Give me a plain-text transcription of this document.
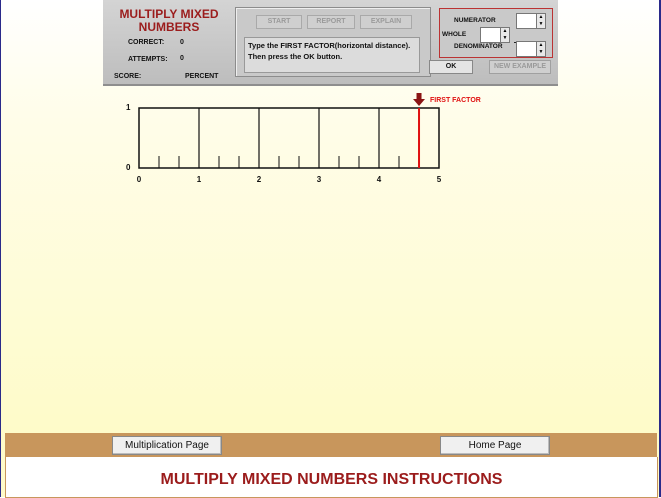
MULTIPLY MIXED NUMBERS
CORRECT: 0
ATTEMPTS: 0
SCORE:	PERCENT
START	REPORT	EXPLAIN
Type the FIRST FACTOR(horizontal distance).
Then press the OK button.
NUMERATOR
WHOLE
DENOMINATOR
▲
▼
▲
▼
▲
▼
OK	NEW EXAMPLE
1
0
0	1	2	3	4	5
FIRST FACTOR
Multiplication Page	Home Page
MULTIPLY MIXED NUMBERS INSTRUCTIONS
